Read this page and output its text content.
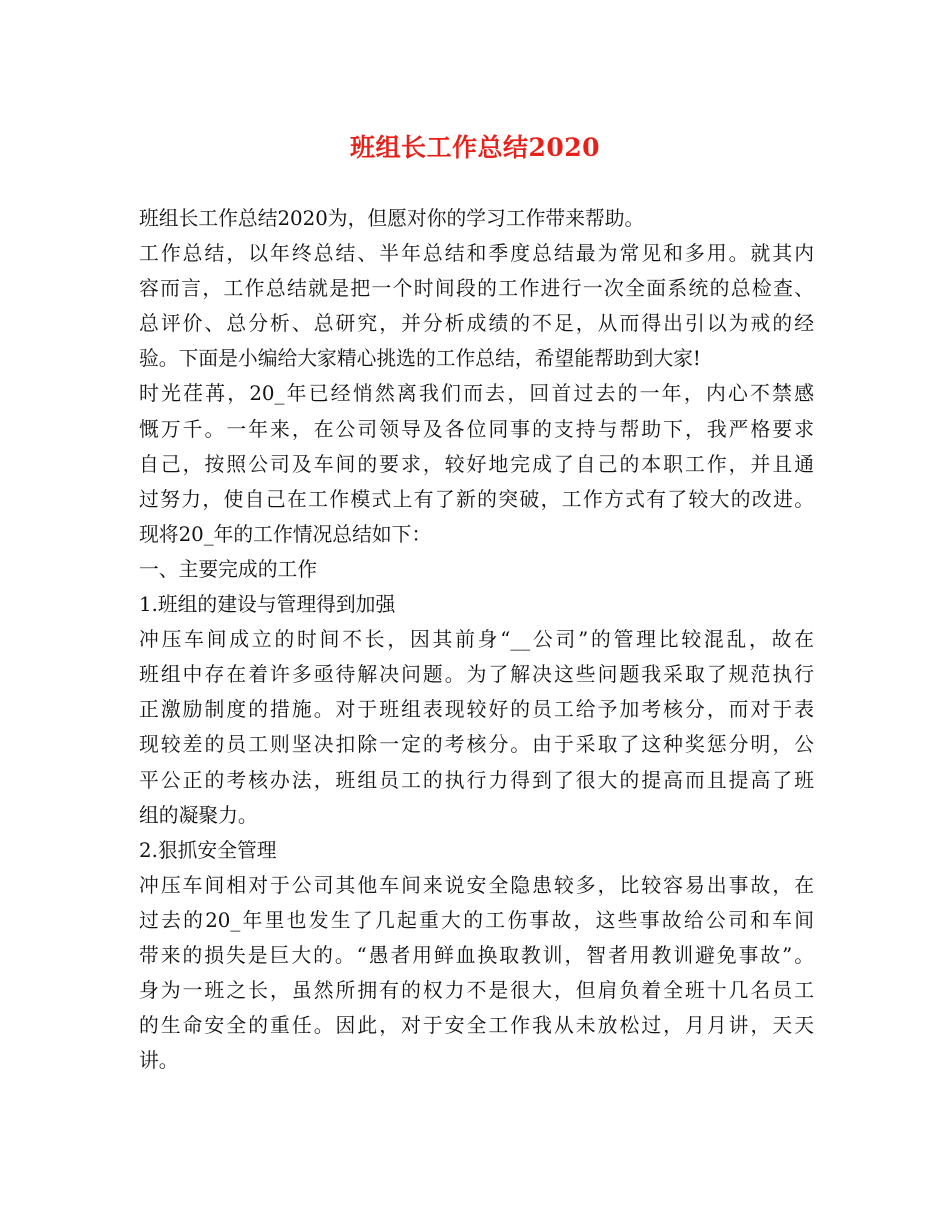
班组长工作总结2020
班组长工作总结2020为，但愿对你的学习工作带来帮助。
工作总结，以年终总结、半年总结和季度总结最为常见和多用。就其内
容而言，工作总结就是把一个时间段的工作进行一次全面系统的总检查、
总评价、总分析、总研究，并分析成绩的不足，从而得出引以为戒的经
验。下面是小编给大家精心挑选的工作总结，希望能帮助到大家!
时光荏苒，20_年已经悄然离我们而去，回首过去的一年，内心不禁感
慨万千。一年来，在公司领导及各位同事的支持与帮助下，我严格要求
自己，按照公司及车间的要求，较好地完成了自己的本职工作，并且通
过努力，使自己在工作模式上有了新的突破，工作方式有了较大的改进。
现将20_年的工作情况总结如下：
一、主要完成的工作
1.班组的建设与管理得到加强
冲压车间成立的时间不长，因其前身“__公司”的管理比较混乱，故在
班组中存在着许多亟待解决问题。为了解决这些问题我采取了规范执行
正激励制度的措施。对于班组表现较好的员工给予加考核分，而对于表
现较差的员工则坚决扣除一定的考核分。由于采取了这种奖惩分明，公
平公正的考核办法，班组员工的执行力得到了很大的提高而且提高了班
组的凝聚力。
2.狠抓安全管理
冲压车间相对于公司其他车间来说安全隐患较多，比较容易出事故，在
过去的20_年里也发生了几起重大的工伤事故，这些事故给公司和车间
带来的损失是巨大的。“愚者用鲜血换取教训，智者用教训避免事故”。
身为一班之长，虽然所拥有的权力不是很大，但肩负着全班十几名员工
的生命安全的重任。因此，对于安全工作我从未放松过，月月讲，天天
讲。
